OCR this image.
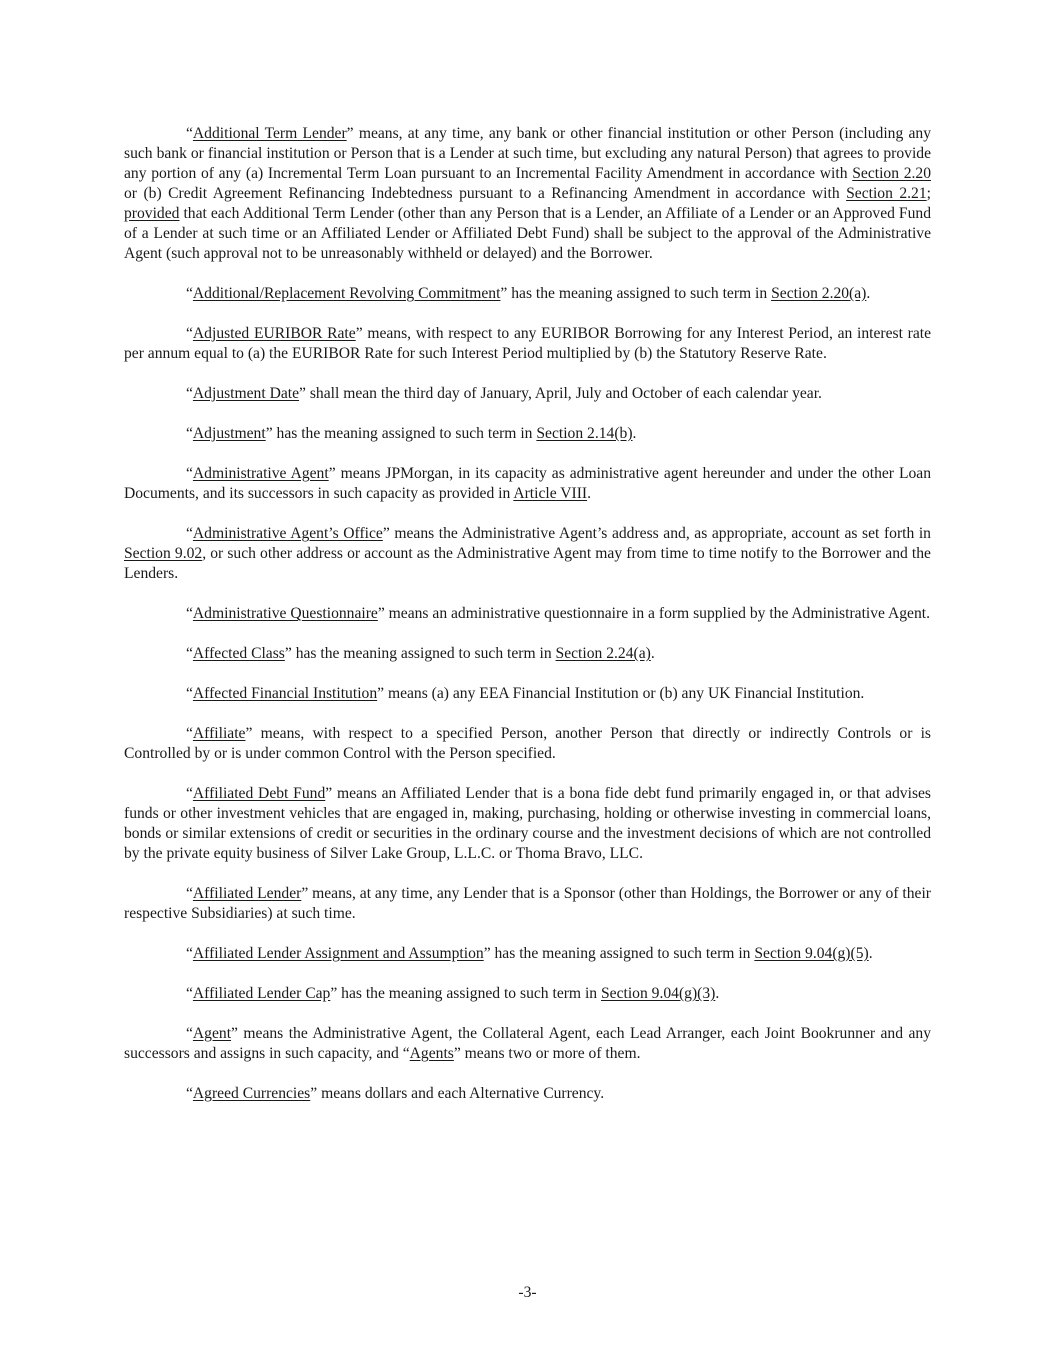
“Additional Term Lender” means, at any time, any bank or other financial institution or other Person (including any such bank or financial institution or Person that is a Lender at such time, but excluding any natural Person) that agrees to provide any portion of any (a) Incremental Term Loan pursuant to an Incremental Facility Amendment in accordance with Section 2.20 or (b) Credit Agreement Refinancing Indebtedness pursuant to a Refinancing Amendment in accordance with Section 2.21; provided that each Additional Term Lender (other than any Person that is a Lender, an Affiliate of a Lender or an Approved Fund of a Lender at such time or an Affiliated Lender or Affiliated Debt Fund) shall be subject to the approval of the Administrative Agent (such approval not to be unreasonably withheld or delayed) and the Borrower.

“Additional/Replacement Revolving Commitment” has the meaning assigned to such term in Section 2.20(a).

“Adjusted EURIBOR Rate” means, with respect to any EURIBOR Borrowing for any Interest Period, an interest rate per annum equal to (a) the EURIBOR Rate for such Interest Period multiplied by (b) the Statutory Reserve Rate.

“Adjustment Date” shall mean the third day of January, April, July and October of each calendar year.

“Adjustment” has the meaning assigned to such term in Section 2.14(b).

“Administrative Agent” means JPMorgan, in its capacity as administrative agent hereunder and under the other Loan Documents, and its successors in such capacity as provided in Article VIII.

“Administrative Agent’s Office” means the Administrative Agent’s address and, as appropriate, account as set forth in Section 9.02, or such other address or account as the Administrative Agent may from time to time notify to the Borrower and the Lenders.

“Administrative Questionnaire” means an administrative questionnaire in a form supplied by the Administrative Agent.

“Affected Class” has the meaning assigned to such term in Section 2.24(a).

“Affected Financial Institution” means (a) any EEA Financial Institution or (b) any UK Financial Institution.

“Affiliate” means, with respect to a specified Person, another Person that directly or indirectly Controls or is Controlled by or is under common Control with the Person specified.

“Affiliated Debt Fund” means an Affiliated Lender that is a bona fide debt fund primarily engaged in, or that advises funds or other investment vehicles that are engaged in, making, purchasing, holding or otherwise investing in commercial loans, bonds or similar extensions of credit or securities in the ordinary course and the investment decisions of which are not controlled by the private equity business of Silver Lake Group, L.L.C. or Thoma Bravo, LLC.

“Affiliated Lender” means, at any time, any Lender that is a Sponsor (other than Holdings, the Borrower or any of their respective Subsidiaries) at such time.

“Affiliated Lender Assignment and Assumption” has the meaning assigned to such term in Section 9.04(g)(5).

“Affiliated Lender Cap” has the meaning assigned to such term in Section 9.04(g)(3).

“Agent” means the Administrative Agent, the Collateral Agent, each Lead Arranger, each Joint Bookrunner and any successors and assigns in such capacity, and “Agents” means two or more of them.

“Agreed Currencies” means dollars and each Alternative Currency.

-3-
